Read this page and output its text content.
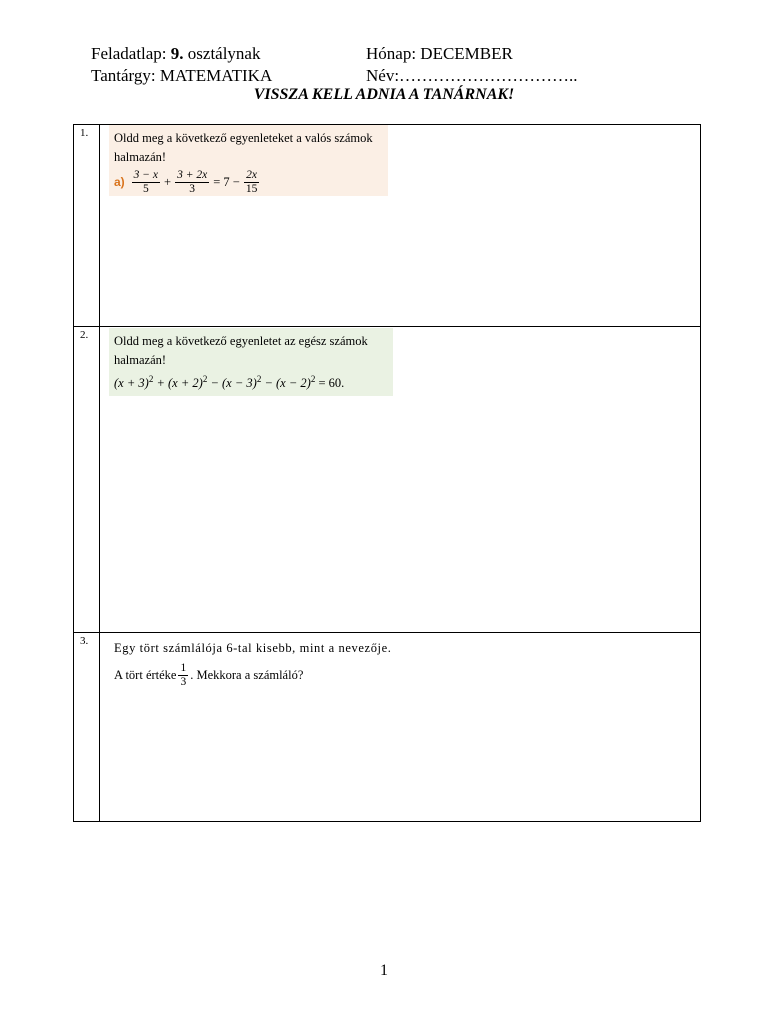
Feladatlap: 9. osztálynak	Hónap: DECEMBER
Tantárgy: MATEMATIKA	Név:…………………………..
VISSZA KELL ADNIA A TANÁRNAK!
1.	Oldd meg a következő egyenleteket a valós számok
halmazán!
$a) \frac{3 - x}{5} + \frac{3 + 2x}{3} = 7 - \frac{2x}{15}$
2.	Oldd meg a következő egyenletet az egész számok
halmazán!
$(x + 3)^2 + (x + 2)^2 - (x - 3)^2 - (x - 2)^2 = 60$.
3.	Egy tört számlálója 6-tal kisebb, mint a nevezője.
A tört értéke $\frac{1}{3}$ . Mekkora a számláló?
1
